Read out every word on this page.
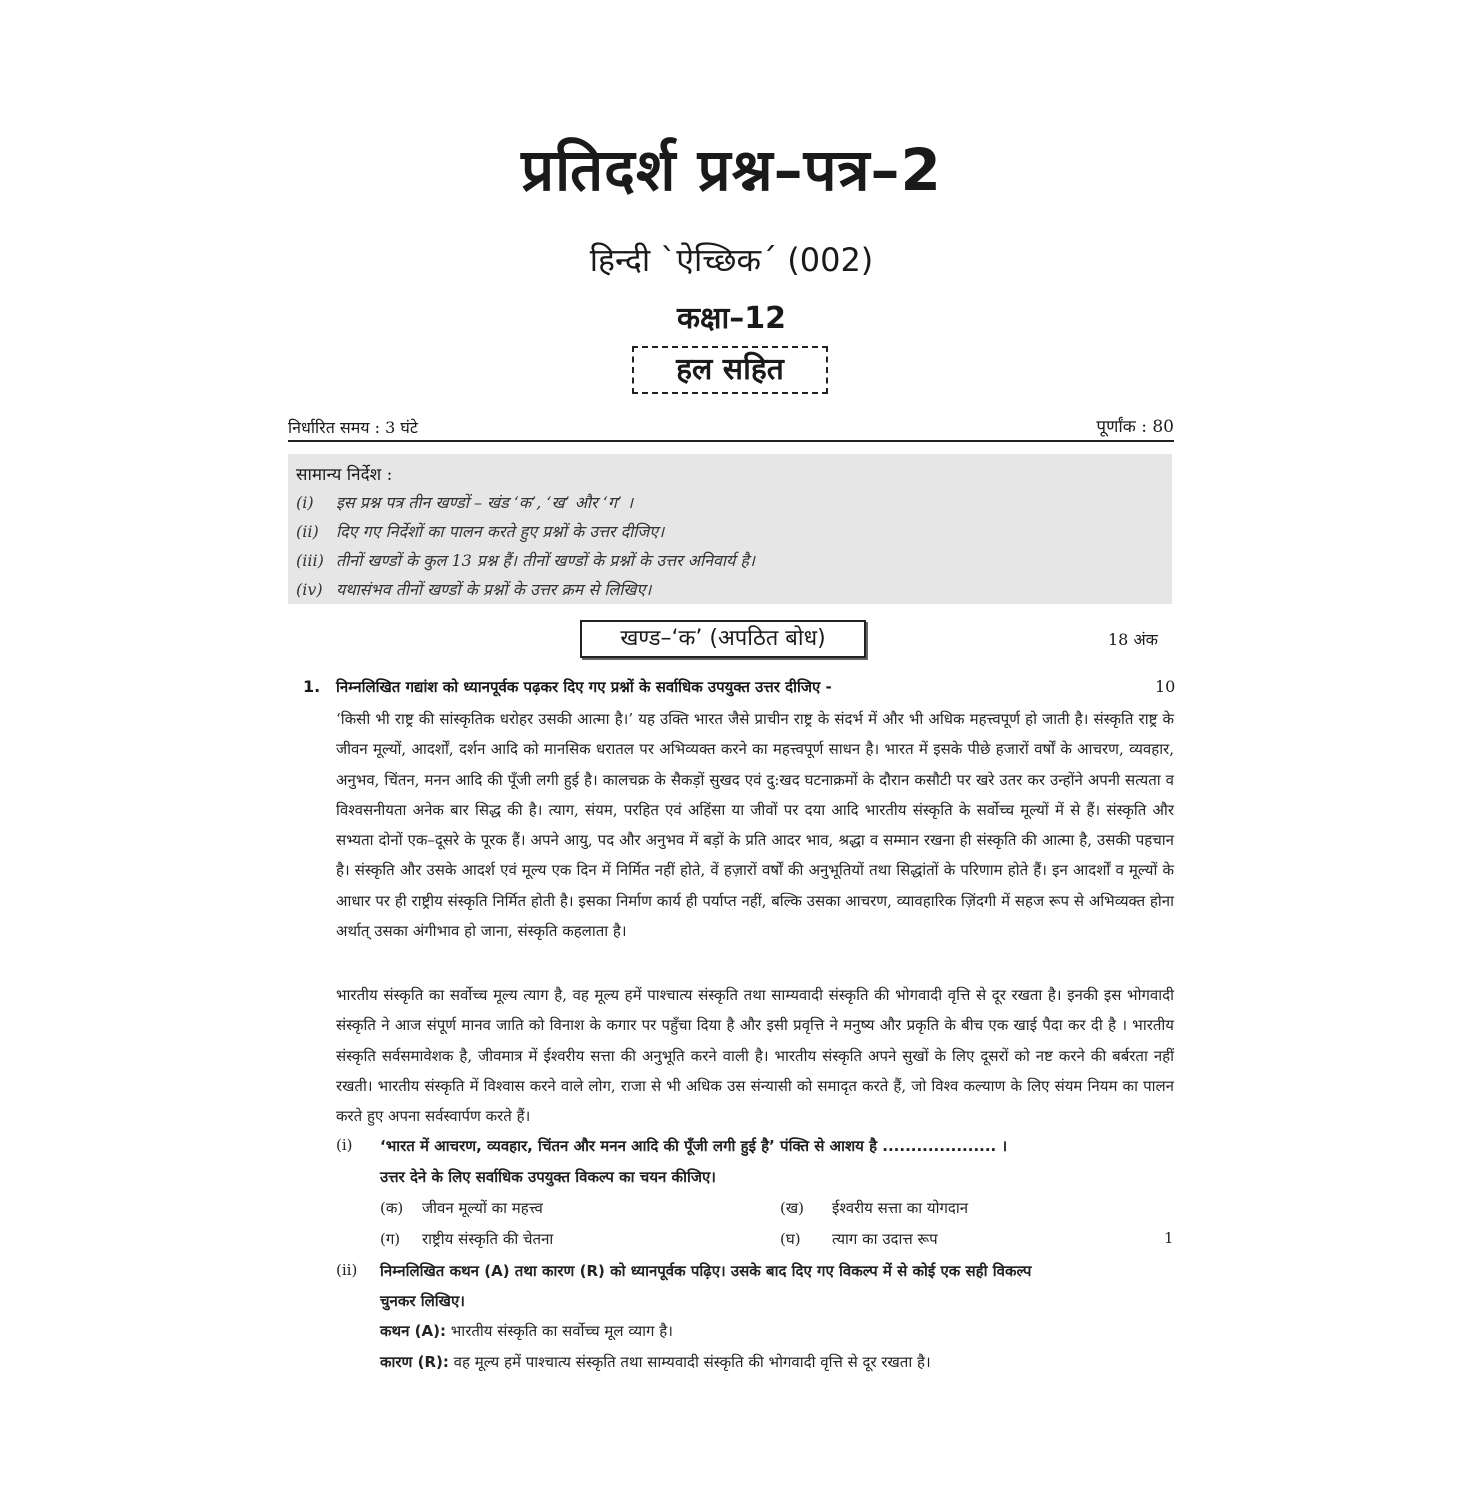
प्रतिदर्श प्रश्न–पत्र–2
हिन्दी `ऐच्छिक´ (002)
कक्षा–12
हल सहित
निर्धारित समय : 3 घंटे	पूर्णांक : 80
सामान्य निर्देश :
(i) इस प्रश्न पत्र तीन खण्डों – खंड ‘क’, ‘ख’ और ‘ग’ ।
(ii) दिए गए निर्देशों का पालन करते हुए प्रश्नों के उत्तर दीजिए।
(iii) तीनों खण्डों के कुल 13 प्रश्न हैं। तीनों खण्डों के प्रश्नों के उत्तर अनिवार्य है।
(iv) यथासंभव तीनों खण्डों के प्रश्नों के उत्तर क्रम से लिखिए।
खण्ड–‘क’ (अपठित बोध)	18 अंक
1. निम्नलिखित गद्यांश को ध्यानपूर्वक पढ़कर दिए गए प्रश्नों के सर्वाधिक उपयुक्त उत्तर दीजिए -	10
‘किसी भी राष्ट्र की सांस्कृतिक धरोहर उसकी आत्मा है।’ यह उक्ति भारत जैसे प्राचीन राष्ट्र के संदर्भ में और भी अधिक महत्त्वपूर्ण हो जाती है। संस्कृति राष्ट्र के जीवन मूल्यों, आदर्शों, दर्शन आदि को मानसिक धरातल पर अभिव्यक्त करने का महत्त्वपूर्ण साधन है। भारत में इसके पीछे हजारों वर्षों के आचरण, व्यवहार, अनुभव, चिंतन, मनन आदि की पूँजी लगी हुई है। कालचक्र के सैकड़ों सुखद एवं दु:खद घटनाक्रमों के दौरान कसौटी पर खरे उतर कर उन्होंने अपनी सत्यता व विश्वसनीयता अनेक बार सिद्ध की है। त्याग, संयम, परहित एवं अहिंसा या जीवों पर दया आदि भारतीय संस्कृति के सर्वोच्च मूल्यों में से हैं। संस्कृति और सभ्यता दोनों एक–दूसरे के पूरक हैं। अपने आयु, पद और अनुभव में बड़ों के प्रति आदर भाव, श्रद्धा व सम्मान रखना ही संस्कृति की आत्मा है, उसकी पहचान है। संस्कृति और उसके आदर्श एवं मूल्य एक दिन में निर्मित नहीं होते, वें हज़ारों वर्षों की अनुभूतियों तथा सिद्धांतों के परिणाम होते हैं। इन आदर्शों व मूल्यों के आधार पर ही राष्ट्रीय संस्कृति निर्मित होती है। इसका निर्माण कार्य ही पर्याप्त नहीं, बल्कि उसका आचरण, व्यावहारिक ज़िंदगी में सहज रूप से अभिव्यक्त होना अर्थात् उसका अंगीभाव हो जाना, संस्कृति कहलाता है।
भारतीय संस्कृति का सर्वोच्च मूल्य त्याग है, वह मूल्य हमें पाश्चात्य संस्कृति तथा साम्यवादी संस्कृति की भोगवादी वृत्ति से दूर रखता है। इनकी इस भोगवादी संस्कृति ने आज संपूर्ण मानव जाति को विनाश के कगार पर पहुँचा दिया है और इसी प्रवृत्ति ने मनुष्य और प्रकृति के बीच एक खाई पैदा कर दी है । भारतीय संस्कृति सर्वसमावेशक है, जीवमात्र में ईश्वरीय सत्ता की अनुभूति करने वाली है। भारतीय संस्कृति अपने सुखों के लिए दूसरों को नष्ट करने की बर्बरता नहीं रखती। भारतीय संस्कृति में विश्वास करने वाले लोग, राजा से भी अधिक उस संन्यासी को समादृत करते हैं, जो विश्व कल्याण के लिए संयम नियम का पालन करते हुए अपना सर्वस्वार्पण करते हैं।
(i) ‘भारत में आचरण, व्यवहार, चिंतन और मनन आदि की पूँजी लगी हुई है’ पंक्ति से आशय है .................... ।
उत्तर देने के लिए सर्वाधिक उपयुक्त विकल्प का चयन कीजिए।
(क) जीवन मूल्यों का महत्त्व	(ख) ईश्वरीय सत्ता का योगदान
(ग) राष्ट्रीय संस्कृति की चेतना	(घ) त्याग का उदात्त रूप	1
(ii) निम्नलिखित कथन (A) तथा कारण (R) को ध्यानपूर्वक पढ़िए। उसके बाद दिए गए विकल्प में से कोई एक सही विकल्प
चुनकर लिखिए।
कथन (A): भारतीय संस्कृति का सर्वोच्च मूल व्याग है।
कारण (R): वह मूल्य हमें पाश्चात्य संस्कृति तथा साम्यवादी संस्कृति की भोगवादी वृत्ति से दूर रखता है।
